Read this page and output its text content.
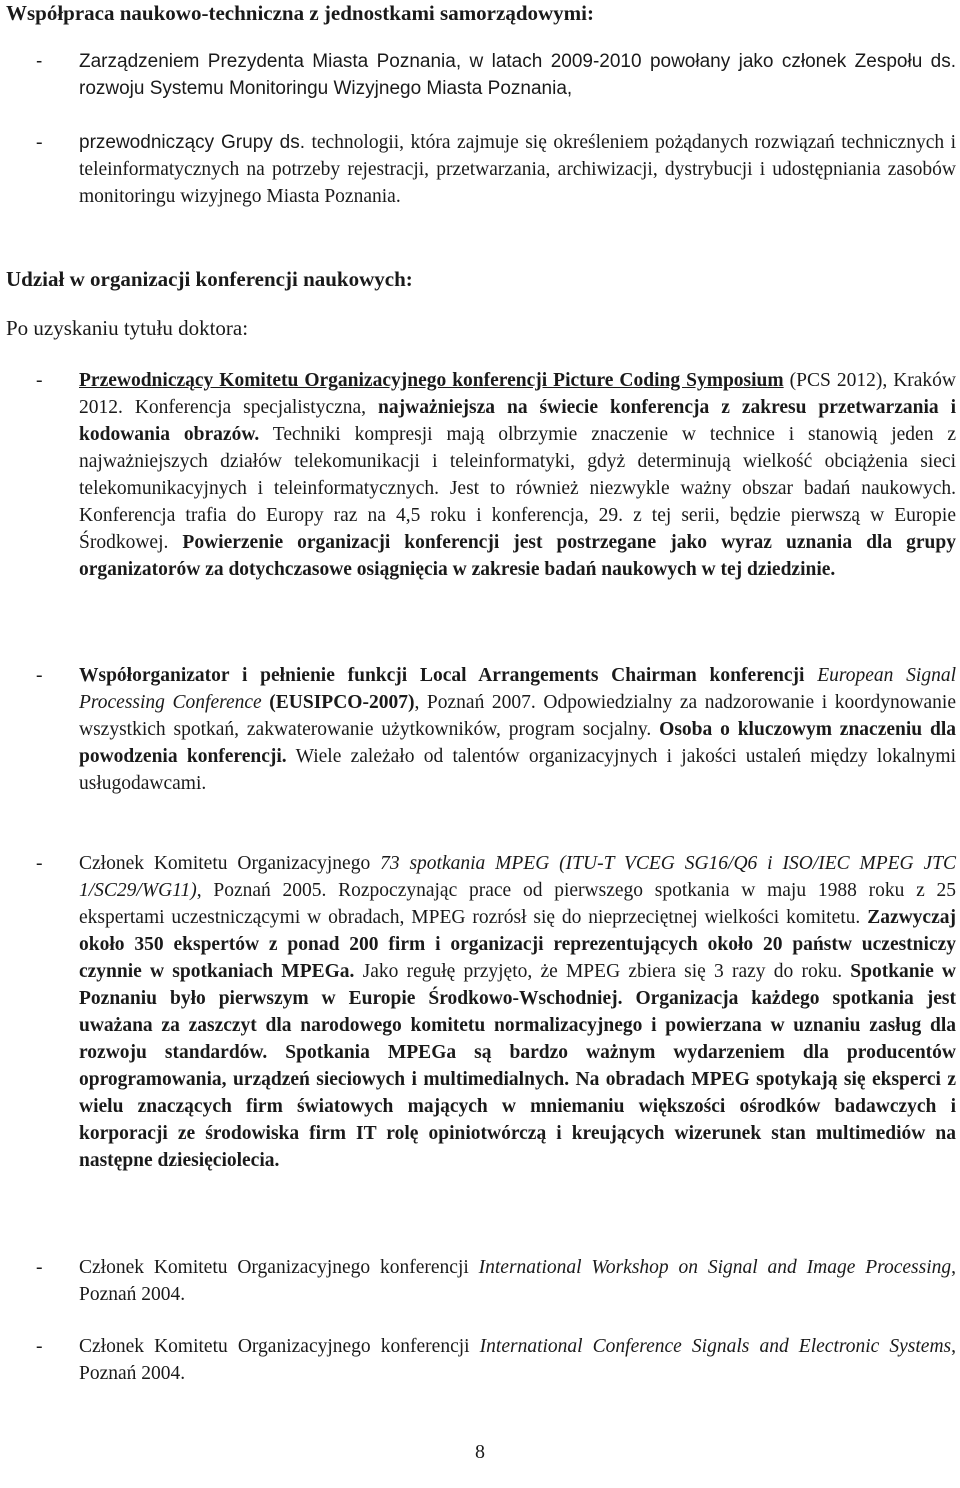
Współpraca naukowo-techniczna z jednostkami samorządowymi:
- Zarządzeniem Prezydenta Miasta Poznania, w latach 2009-2010 powołany jako członek Zespołu ds. rozwoju Systemu Monitoringu Wizyjnego Miasta Poznania,
- przewodniczący Grupy ds. technologii, która zajmuje się określeniem pożądanych rozwiązań technicznych i teleinformatycznych na potrzeby rejestracji, przetwarzania, archiwizacji, dystrybucji i udostępniania zasobów monitoringu wizyjnego Miasta Poznania.
Udział w organizacji konferencji naukowych:
Po uzyskaniu tytułu doktora:
- Przewodniczący Komitetu Organizacyjnego konferencji Picture Coding Symposium (PCS 2012), Kraków 2012. Konferencja specjalistyczna, najważniejsza na świecie konferencja z zakresu przetwarzania i kodowania obrazów. Techniki kompresji mają olbrzymie znaczenie w technice i stanowią jeden z najważniejszych działów telekomunikacji i teleinformatyki, gdyż determinują wielkość obciążenia sieci telekomunikacyjnych i teleinformatycznych. Jest to również niezwykle ważny obszar badań naukowych. Konferencja trafia do Europy raz na 4,5 roku i konferencja, 29. z tej serii, będzie pierwszą w Europie Środkowej. Powierzenie organizacji konferencji jest postrzegane jako wyraz uznania dla grupy organizatorów za dotychczasowe osiągnięcia w zakresie badań naukowych w tej dziedzinie.
- Współorganizator i pełnienie funkcji Local Arrangements Chairman konferencji European Signal Processing Conference (EUSIPCO-2007), Poznań 2007. Odpowiedzialny za nadzorowanie i koordynowanie wszystkich spotkań, zakwaterowanie użytkowników, program socjalny. Osoba o kluczowym znaczeniu dla powodzenia konferencji. Wiele zależało od talentów organizacyjnych i jakości ustaleń między lokalnymi usługodawcami.
- Członek Komitetu Organizacyjnego 73 spotkania MPEG (ITU-T VCEG SG16/Q6 i ISO/IEC MPEG JTC 1/SC29/WG11), Poznań 2005. Rozpoczynając prace od pierwszego spotkania w maju 1988 roku z 25 ekspertami uczestniczącymi w obradach, MPEG rozrósł się do nieprzeciętnej wielkości komitetu. Zazwyczaj około 350 ekspertów z ponad 200 firm i organizacji reprezentujących około 20 państw uczestniczy czynnie w spotkaniach MPEGa. Jako regułę przyjęto, że MPEG zbiera się 3 razy do roku. Spotkanie w Poznaniu było pierwszym w Europie Środkowo-Wschodniej. Organizacja każdego spotkania jest uważana za zaszczyt dla narodowego komitetu normalizacyjnego i powierzana w uznaniu zasług dla rozwoju standardów. Spotkania MPEGa są bardzo ważnym wydarzeniem dla producentów oprogramowania, urządzeń sieciowych i multimedialnych. Na obradach MPEG spotykają się eksperci z wielu znaczących firm światowych mających w mniemaniu większości ośrodków badawczych i korporacji ze środowiska firm IT rolę opiniotwórczą i kreujących wizerunek stan multimediów na następne dziesięciolecia.
- Członek Komitetu Organizacyjnego konferencji International Workshop on Signal and Image Processing, Poznań 2004.
- Członek Komitetu Organizacyjnego konferencji International Conference Signals and Electronic Systems, Poznań 2004.
8
